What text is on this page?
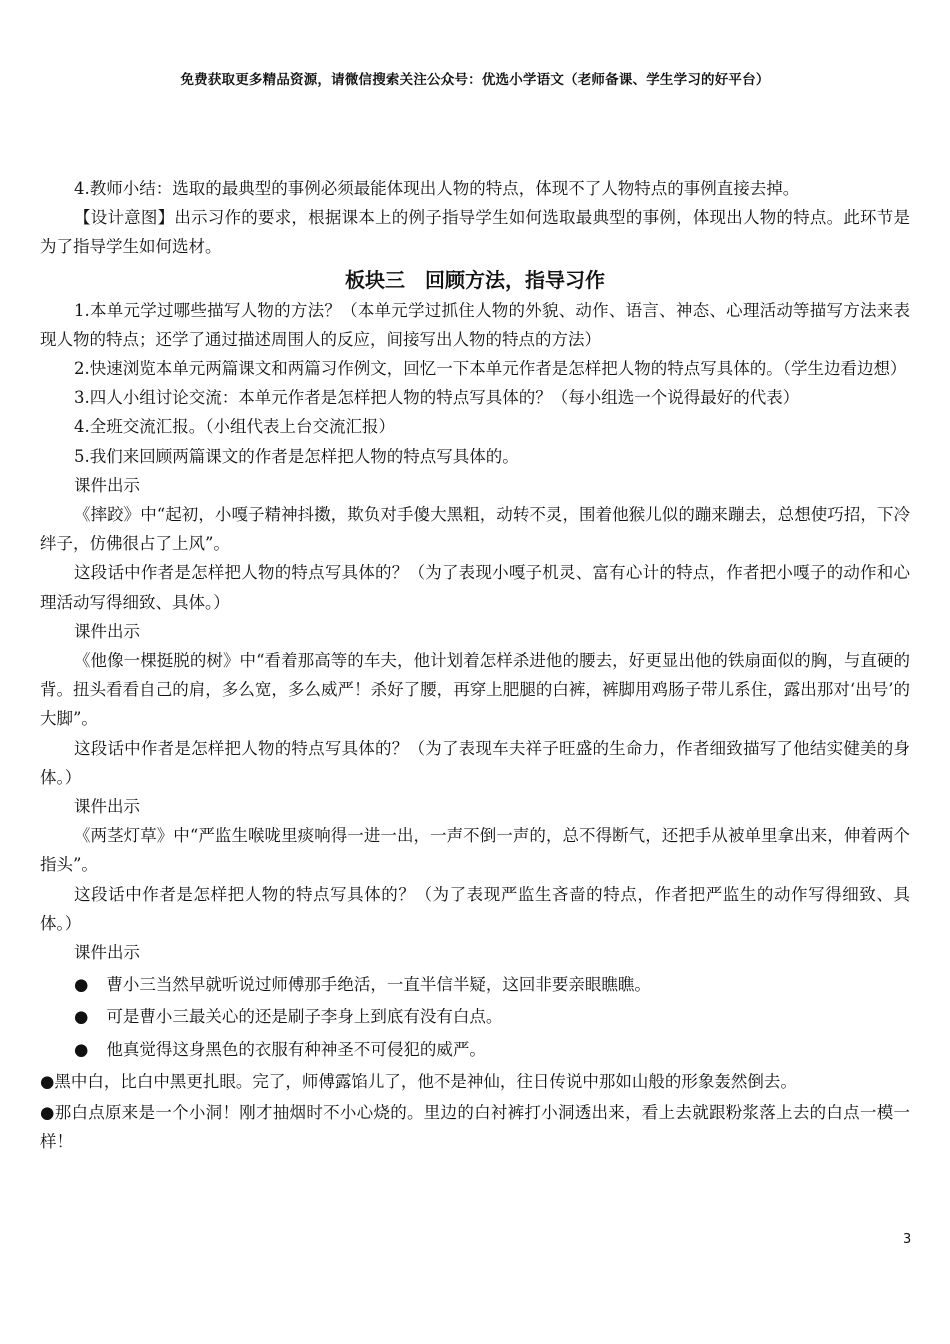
免费获取更多精品资源，请微信搜索关注公众号：优选小学语文（老师备课、学生学习的好平台）

4.教师小结：选取的最典型的事例必须最能体现出人物的特点，体现不了人物特点的事例直接去掉。

【设计意图】出示习作的要求，根据课本上的例子指导学生如何选取最典型的事例，体现出人物的特点。此环节是为了指导学生如何选材。

板块三　回顾方法，指导习作

1.本单元学过哪些描写人物的方法？（本单元学过抓住人物的外貌、动作、语言、神态、心理活动等描写方法来表现人物的特点；还学了通过描述周围人的反应，间接写出人物的特点的方法）

2.快速浏览本单元两篇课文和两篇习作例文，回忆一下本单元作者是怎样把人物的特点写具体的。（学生边看边想）

3.四人小组讨论交流：本单元作者是怎样把人物的特点写具体的？（每小组选一个说得最好的代表）

4.全班交流汇报。（小组代表上台交流汇报）

5.我们来回顾两篇课文的作者是怎样把人物的特点写具体的。

课件出示

《摔跤》中“起初，小嘎子精神抖擞，欺负对手傻大黑粗，动转不灵，围着他猴儿似的蹦来蹦去，总想使巧招，下冷绊子，仿佛很占了上风”。

这段话中作者是怎样把人物的特点写具体的？（为了表现小嘎子机灵、富有心计的特点，作者把小嘎子的动作和心理活动写得细致、具体。）

课件出示

《他像一棵挺脱的树》中“看着那高等的车夫，他计划着怎样杀进他的腰去，好更显出他的铁扇面似的胸，与直硬的背。扭头看看自己的肩，多么宽，多么威严！杀好了腰，再穿上肥腿的白裤，裤脚用鸡肠子带儿系住，露出那对‘出号’的大脚”。

这段话中作者是怎样把人物的特点写具体的？（为了表现车夫祥子旺盛的生命力，作者细致描写了他结实健美的身体。）

课件出示

《两茎灯草》中“严监生喉咙里痰响得一进一出，一声不倒一声的，总不得断气，还把手从被单里拿出来，伸着两个指头”。

这段话中作者是怎样把人物的特点写具体的？（为了表现严监生吝啬的特点，作者把严监生的动作写得细致、具体。）

课件出示

● 曹小三当然早就听说过师傅那手绝活，一直半信半疑，这回非要亲眼瞧瞧。

● 可是曹小三最关心的还是刷子李身上到底有没有白点。

● 他真觉得这身黑色的衣服有种神圣不可侵犯的威严。

●黑中白，比白中黑更扎眼。完了，师傅露馅儿了，他不是神仙，往日传说中那如山般的形象轰然倒去。

●那白点原来是一个小洞！刚才抽烟时不小心烧的。里边的白衬裤打小洞透出来，看上去就跟粉浆落上去的白点一模一样！

3
